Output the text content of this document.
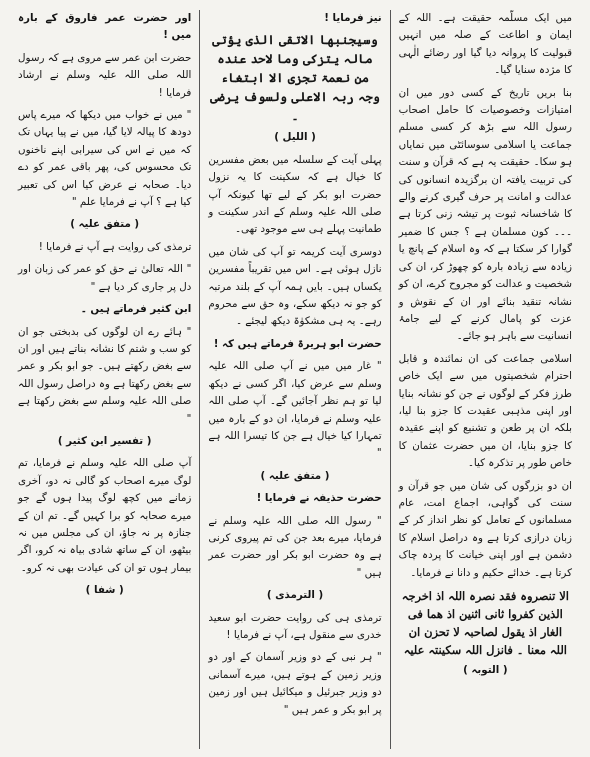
میں ایک مسلّمہ حقیقت ہے۔ اللہ کے ایمان و اطاعت کے صلہ میں انہیں قبولیت کا پروانہ دیا گیا اور رضائے الٰہی کا مژدہ سنایا گیا۔

بنا بریں تاریخ کے کسی دور میں ان امتیازات وخصوصیات کا حامل اصحاب رسول اللہ سے بڑھ کر کسی مسلم جماعت یا اسلامی سوسائٹی میں نمایاں ہو سکا۔ حقیقت یہ ہے کہ قرآن و سنت کی تربیت یافتہ ان برگزیدہ انسانوں کی عدالت و امانت پر حرف گیری کرنے والے کا شاخسانہ ثبوت پر تیشہ زنی کرتا ہے ۔۔۔ کون مسلمان ہے ؟ جس کا ضمیر گوارا کر سکتا ہے کہ وہ اسلام کے پانچ یا زیادہ سے زیادہ بارہ کو چھوڑ کر، ان کی شخصیت و عدالت کو مجروح کرے، ان کو نشانہ تنقید بنائے اور ان کے نقوش و عزت کو پامال کرنے کے لیے جامۂ انسانیت سے باہر ہو جائے۔

اسلامی جماعت کی ان نمائندہ و قابل احترام شخصیتوں میں سے ایک خاص طرز فکر کے لوگوں نے جن کو نشانہ بنایا اور اپنی مذہبی عقیدت کا جزو بنا لیا، بلکہ ان پر طعن و تشنیع کو اپنے عقیدہ کا جزو بنایا، ان میں حضرت عثمان کا خاص طور پر تذکرہ کیا۔

ان دو بزرگوں کی شان میں جو قرآن و سنت کی گواہی، اجماع امت، عام مسلمانوں کے تعامل کو نظر انداز کر کے زبان درازی کرتا ہے وہ دراصل اسلام کا دشمن ہے اور اپنی خیانت کا پردہ چاک کرتا ہے۔ خدائے حکیم و دانا نے فرمایا۔

الا تنصروہ فقد نصرہ اللہ اذ اخرجہ الذین کفروا ثانی اثنین اذ ھما فی الغار اذ یقول لصاحبہ لا تحزن ان اللہ معنا ۔ فانزل اللہ سکینتہ علیہ
( التوبہ )
نیز فرمایا !
وسیجنبھا الاتقی الذی یؤتی مالہ یتزکی وما لاحد عندہ من نعمۃ تجزی الا ابتغاء وجہ ربہ الاعلی ولسوف یرضی ۔
( اللیل )

پہلی آیت کے سلسلہ میں بعض مفسرین کا خیال ہے کہ سکینت کا یہ نزول حضرت ابو بکر کے لیے تھا کیونکہ آپ صلی اللہ علیہ وسلم کے اندر سکینت و طمانیت پہلے ہی سے موجود تھی۔

دوسری آیت کریمہ تو آپ کی شان میں نازل ہوئی ہے۔ اس میں تقریباً مفسرین یکساں ہیں۔ بایں ہمہ آپ کے بلند مرتبہ کو جو نہ دیکھ سکے، وہ حق سے محروم رہے۔ یہ ہی مشکوٰۃ دیکھ لیجئے ۔

حضرت ابو ہریرۃ فرماتے ہیں کہ !

" غار میں میں نے آپ صلی اللہ علیہ وسلم سے عرض کیا، اگر کسی نے دیکھ لیا تو ہم نظر آجائیں گے۔ آپ صلی اللہ علیہ وسلم نے فرمایا، ان دو کے بارہ میں تمہارا کیا خیال ہے جن کا تیسرا اللہ ہے "

( متفق علیہ )

حضرت حذیفہ نے فرمایا !

" رسول اللہ صلی اللہ علیہ وسلم نے فرمایا، میرے بعد جن کی تم پیروی کرنی ہے وہ حضرت ابو بکر اور حضرت عمر ہیں "

( الترمذی )

ترمذی ہی کی روایت حضرت ابو سعید خدری سے منقول ہے، آپ نے فرمایا !

" ہر نبی کے دو وزیر آسمان کے اور دو وزیر زمین کے ہوتے ہیں، میرے آسمانی دو وزیر جبرئیل و میکائیل ہیں اور زمین پر ابو بکر و عمر ہیں "

اور حضرت عمر فاروق کے بارہ میں !

حضرت ابن عمر سے مروی ہے کہ رسول اللہ صلی اللہ علیہ وسلم نے ارشاد فرمایا !

" میں نے خواب میں دیکھا کہ میرے پاس دودھ کا پیالہ لایا گیا، میں نے پیا یہاں تک کہ میں نے اس کی سیرابی اپنے ناخنوں تک محسوس کی، پھر باقی عمر کو دے دیا۔ صحابہ نے عرض کیا اس کی تعبیر کیا ہے ؟ آپ نے فرمایا علم "

( متفق علیہ )

ترمذی کی روایت ہے آپ نے فرمایا !

" اللہ تعالیٰ نے حق کو عمر کی زبان اور دل پر جاری کر دیا ہے "

ابن کثیر فرماتے ہیں ۔

" ہائے رے ان لوگوں کی بدبختی جو ان کو سب و شتم کا نشانہ بناتے ہیں اور ان سے بغض رکھتے ہیں۔ جو ابو بکر و عمر سے بغض رکھتا ہے وہ دراصل رسول اللہ صلی اللہ علیہ وسلم سے بغض رکھتا ہے "

( تفسیر ابن کثیر )

آپ صلی اللہ علیہ وسلم نے فرمایا، تم لوگ میرے اصحاب کو گالی نہ دو، آخری زمانے میں کچھ لوگ پیدا ہوں گے جو میرے صحابہ کو برا کہیں گے۔ تم ان کے جنازہ پر نہ جاؤ، ان کی مجلس میں نہ بیٹھو، ان کے ساتھ شادی بیاہ نہ کرو، اگر بیمار ہوں تو ان کی عیادت بھی نہ کرو۔

( شفا )
